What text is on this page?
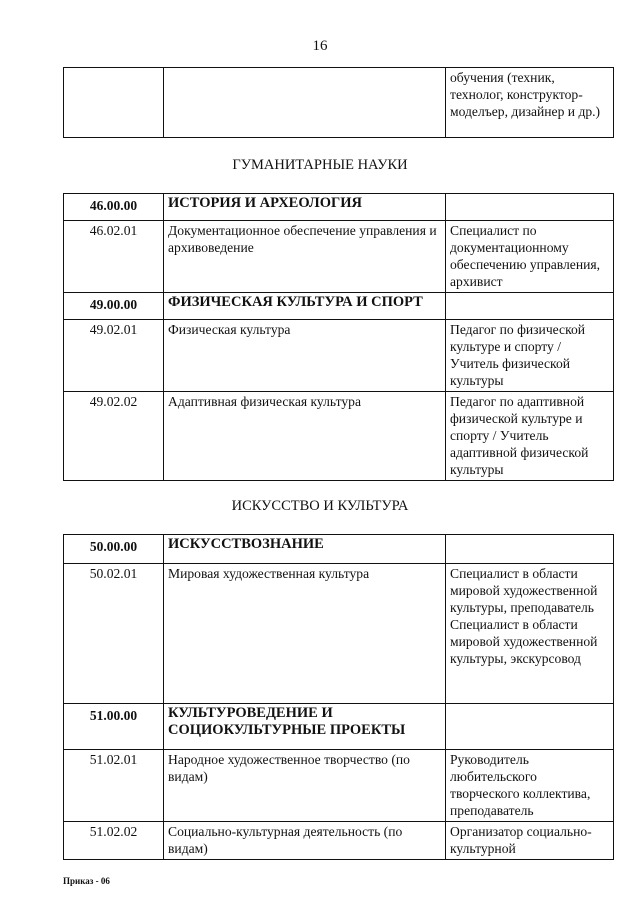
16
		обучения (техник, технолог, конструктор-моделъер, дизайнер и др.)
ГУМАНИТАРНЫЕ НАУКИ
46.00.00	ИСТОРИЯ И АРХЕОЛОГИЯ	
46.02.01	Документационное обеспечение управления и архивоведение	Специалист по документационному обеспечению управления, архивист
49.00.00	ФИЗИЧЕСКАЯ КУЛЬТУРА И СПОРТ	
49.02.01	Физическая культура	Педагог по физической культуре и спорту / Учитель физической культуры
49.02.02	Адаптивная физическая культура	Педагог по адаптивной физической культуре и спорту / Учитель адаптивной физической культуры
ИСКУССТВО И КУЛЬТУРА
50.00.00	ИСКУССТВОЗНАНИЕ	
50.02.01	Мировая художественная культура	Специалист в области мировой художественной культуры, преподаватель Специалист в области мировой художественной культуры, экскурсовод
51.00.00	КУЛЬТУРОВЕДЕНИЕ И СОЦИОКУЛЬТУРНЫЕ ПРОЕКТЫ	
51.02.01	Народное художественное творчество (по видам)	Руководитель любительского творческого коллектива, преподаватель
51.02.02	Социально-культурная деятельность (по видам)	Организатор социально-культурной
Приказ - 06
